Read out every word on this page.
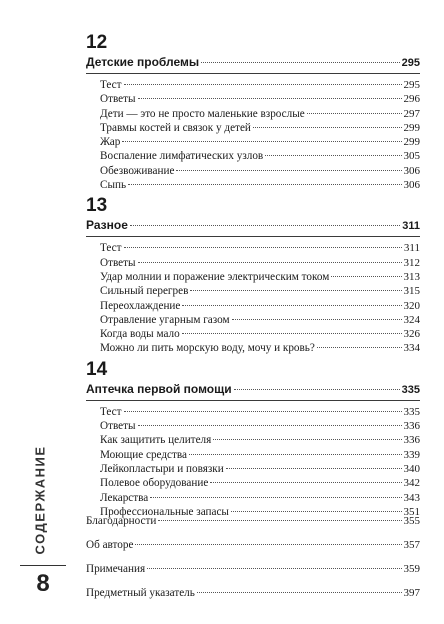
12
Детские проблемы	295
Тест	295
Ответы	296
Дети — это не просто маленькие взрослые	297
Травмы костей и связок у детей	299
Жар	299
Воспаление лимфатических узлов	305
Обезвоживание	306
Сыпь	306
13
Разное	311
Тест	311
Ответы	312
Удар молнии и поражение электрическим током	313
Сильный перегрев	315
Переохлаждение	320
Отравление угарным газом	324
Когда воды мало	326
Можно ли пить морскую воду, мочу и кровь?	334
14
Аптечка первой помощи	335
Тест	335
Ответы	336
Как защитить целителя	336
Моющие средства	339
Лейкопластыри и повязки	340
Полевое оборудование	342
Лекарства	343
Профессиональные запасы	351
Благодарности	355
Об авторе	357
Примечания	359
Предметный указатель	397
СОДЕРЖАНИЕ
8
